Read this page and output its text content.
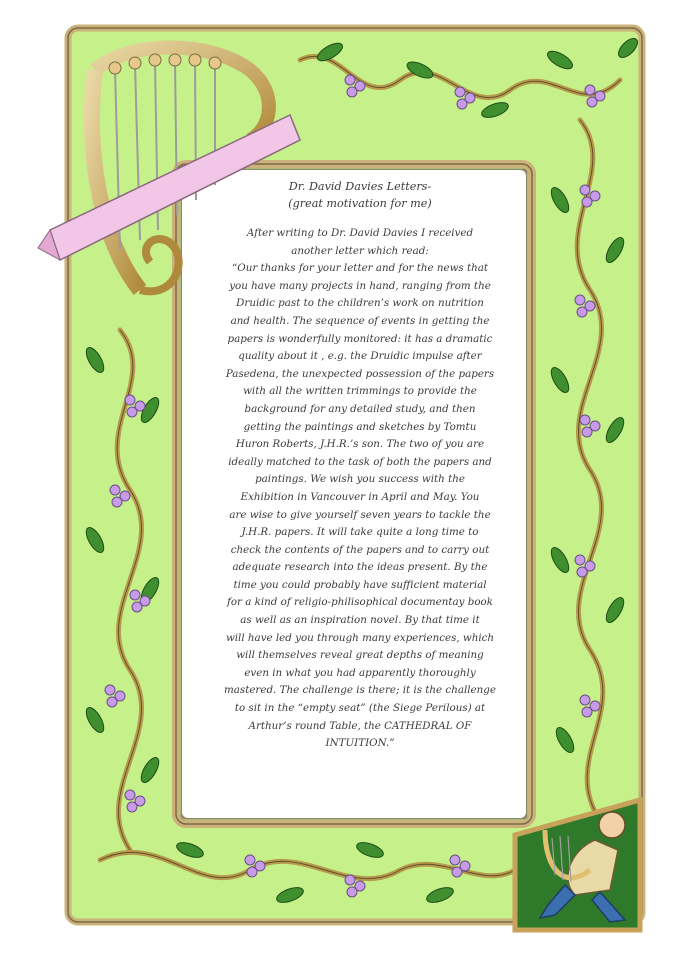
Dr. David Davies Letters-

(great motivation for me)

After writing to Dr. David Davies I received

another letter which read:

“Our thanks for your letter and for the news that

you have many projects in hand, ranging from the

Druidic past to the children’s work on nutrition

and health. The sequence of events in getting the

papers is wonderfully monitored: it has a dramatic

quality about it , e.g. the Druidic impulse after

Pasedena, the unexpected possession of the papers

with all the written trimmings to provide the

background for any detailed study, and then

getting the paintings and sketches by Tomtu

Huron Roberts, J.H.R.’s son. The two of you are

ideally matched to the task of both the papers and

paintings. We wish you success with the

Exhibition in Vancouver in April and May. You

are wise to give yourself seven years to tackle the

J.H.R. papers. It will take quite a long time to

check the contents of the papers and to carry out

adequate research into the ideas present. By the

time you could probably have sufficient material

for a kind of religio-philisophical documentay book

as well as an inspiration novel. By that time it

will have led you through many experiences, which

will themselves reveal great depths of meaning

even in what you had apparently thoroughly

mastered. The challenge is there; it is the challenge

to sit in the “empty seat” (the Siege Perilous) at

Arthur’s round Table, the CATHEDRAL OF

INTUITION.”
